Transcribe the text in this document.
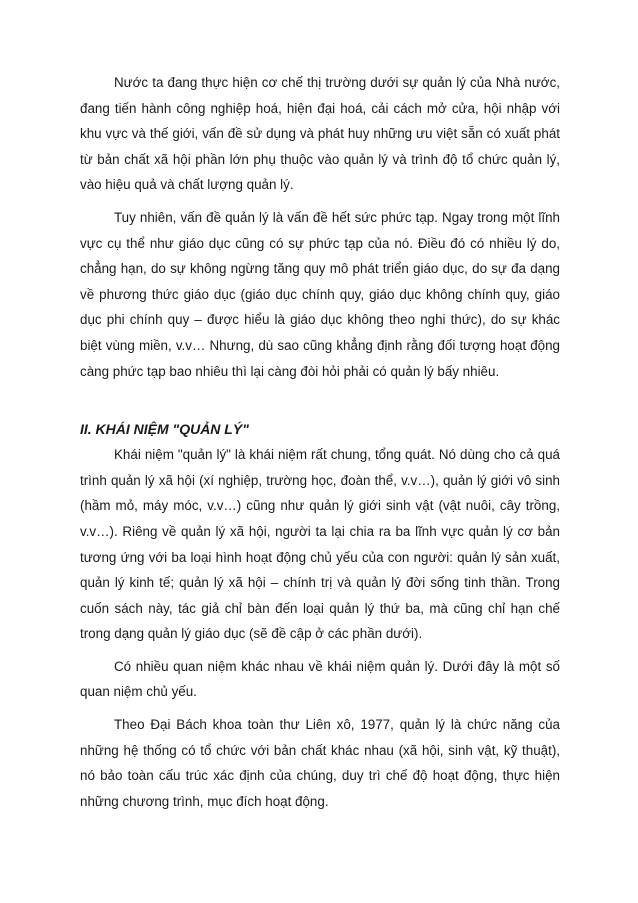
Nước ta đang thực hiện cơ chế thị trường dưới sự quản lý của Nhà nước, đang tiến hành công nghiệp hoá, hiện đại hoá, cải cách mở cửa, hội nhập với khu vực và thế giới, vấn đề sử dụng và phát huy những ưu việt sẵn có xuất phát từ bản chất xã hội phần lớn phụ thuộc vào quản lý và trình độ tổ chức quản lý, vào hiệu quả và chất lượng quản lý.

Tuy nhiên, vấn đề quản lý là vấn đề hết sức phức tạp. Ngay trong một lĩnh vực cụ thể như giáo dục cũng có sự phức tạp của nó. Điều đó có nhiều lý do, chẳng hạn, do sự không ngừng tăng quy mô phát triển giáo dục, do sự đa dạng về phương thức giáo dục (giáo dục chính quy, giáo dục không chính quy, giáo dục phi chính quy – được hiểu là giáo dục không theo nghi thức), do sự khác biệt vùng miền, v.v… Nhưng, dù sao cũng khẳng định rằng đối tượng hoạt động càng phức tạp bao nhiêu thì lại càng đòi hỏi phải có quản lý bấy nhiêu.

II. KHÁI NIỆM "QUẢN LÝ"

Khái niệm "quản lý" là khái niệm rất chung, tổng quát. Nó dùng cho cả quá trình quản lý xã hội (xí nghiệp, trường học, đoàn thể, v.v…), quản lý giới vô sinh (hầm mỏ, máy móc, v.v…) cũng như quản lý giới sinh vật (vật nuôi, cây trồng, v.v…). Riêng về quản lý xã hội, người ta lại chia ra ba lĩnh vực quản lý cơ bản tương ứng với ba loại hình hoạt động chủ yếu của con người: quản lý sản xuất, quản lý kinh tế; quản lý xã hội – chính trị và quản lý đời sống tinh thần. Trong cuốn sách này, tác giả chỉ bàn đến loại quản lý thứ ba, mà cũng chỉ hạn chế trong dạng quản lý giáo dục (sẽ đề cập ở các phần dưới).

Có nhiều quan niệm khác nhau về khái niệm quản lý. Dưới đây là một số quan niệm chủ yếu.

Theo Đại Bách khoa toàn thư Liên xô, 1977, quản lý là chức năng của những hệ thống có tổ chức với bản chất khác nhau (xã hội, sinh vật, kỹ thuật), nó bảo toàn cấu trúc xác định của chúng, duy trì chế độ hoạt động, thực hiện những chương trình, mục đích hoạt động.
